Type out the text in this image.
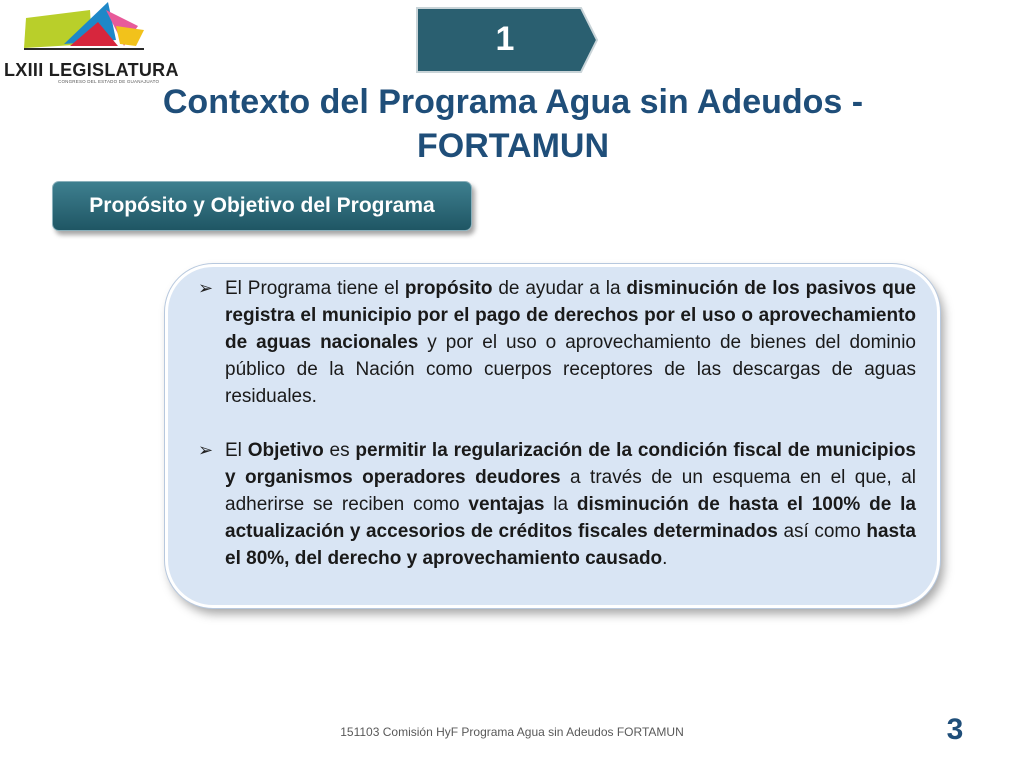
LXIII LEGISLATURA
CONGRESO DEL ESTADO DE GUANAJUATO
1
Contexto del Programa Agua sin Adeudos - FORTAMUN
Propósito y Objetivo del Programa
➢ El Programa tiene el propósito de ayudar a la disminución de los pasivos que registra el municipio por el pago de derechos por el uso o aprovechamiento de aguas nacionales y por el uso o aprovechamiento de bienes del dominio público de la Nación como cuerpos receptores de las descargas de aguas residuales.
➢ El Objetivo es permitir la regularización de la condición fiscal de municipios y organismos operadores deudores a través de un esquema en el que, al adherirse se reciben como ventajas la disminución de hasta el 100% de la actualización y accesorios de créditos fiscales determinados así como hasta el 80%, del derecho y aprovechamiento causado.
151103 Comisión HyF Programa Agua sin Adeudos FORTAMUN	3
